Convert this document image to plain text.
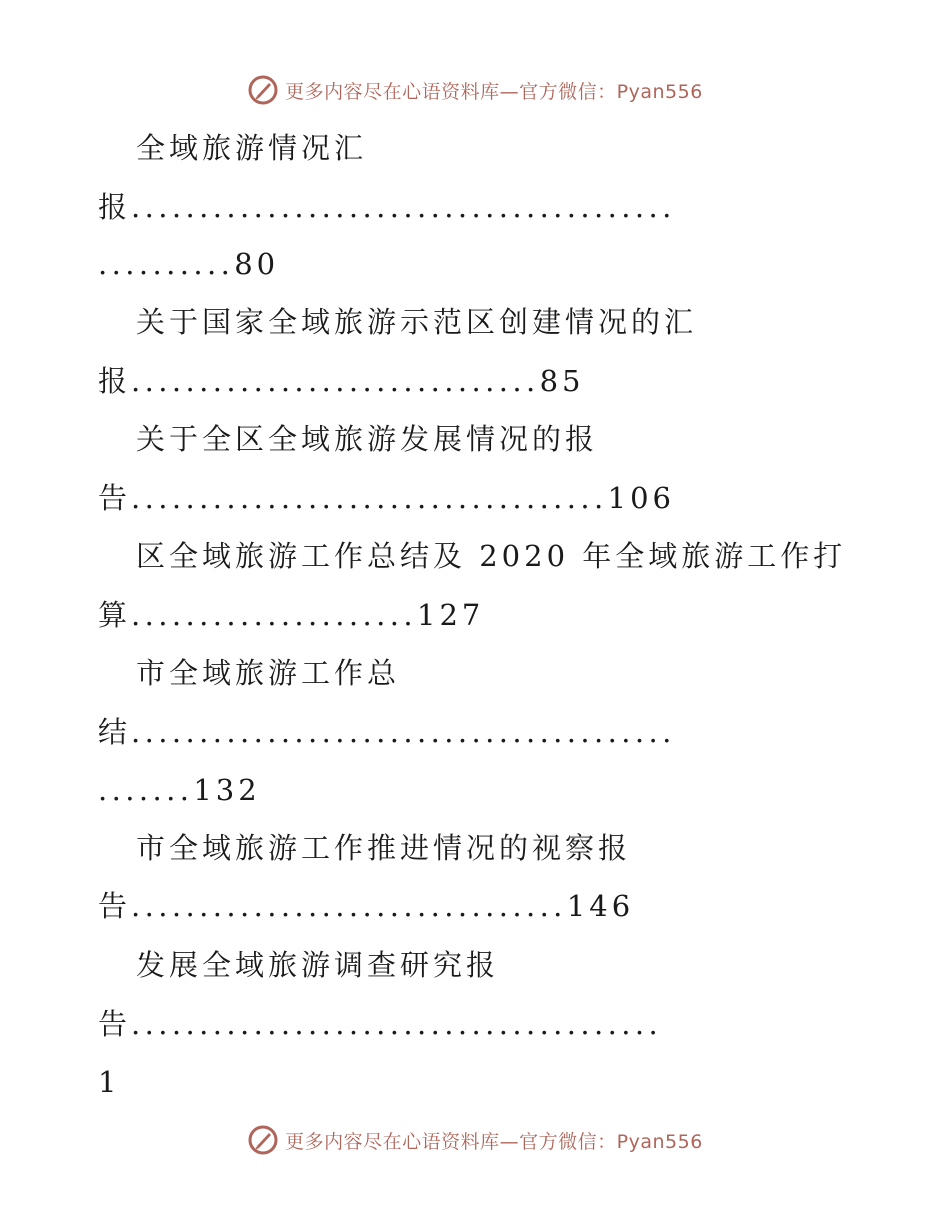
更多内容尽在心语资料库—官方微信：Pyan556
全域旅游情况汇
报........................................
..........80
关于国家全域旅游示范区创建情况的汇
报..............................85
关于全区全域旅游发展情况的报
告...................................106
区全域旅游工作总结及 2020 年全域旅游工作打
算.....................127
市全域旅游工作总
结........................................
.......132
市全域旅游工作推进情况的视察报
告................................146
发展全域旅游调查研究报
告.......................................
1
更多内容尽在心语资料库—官方微信：Pyan556
